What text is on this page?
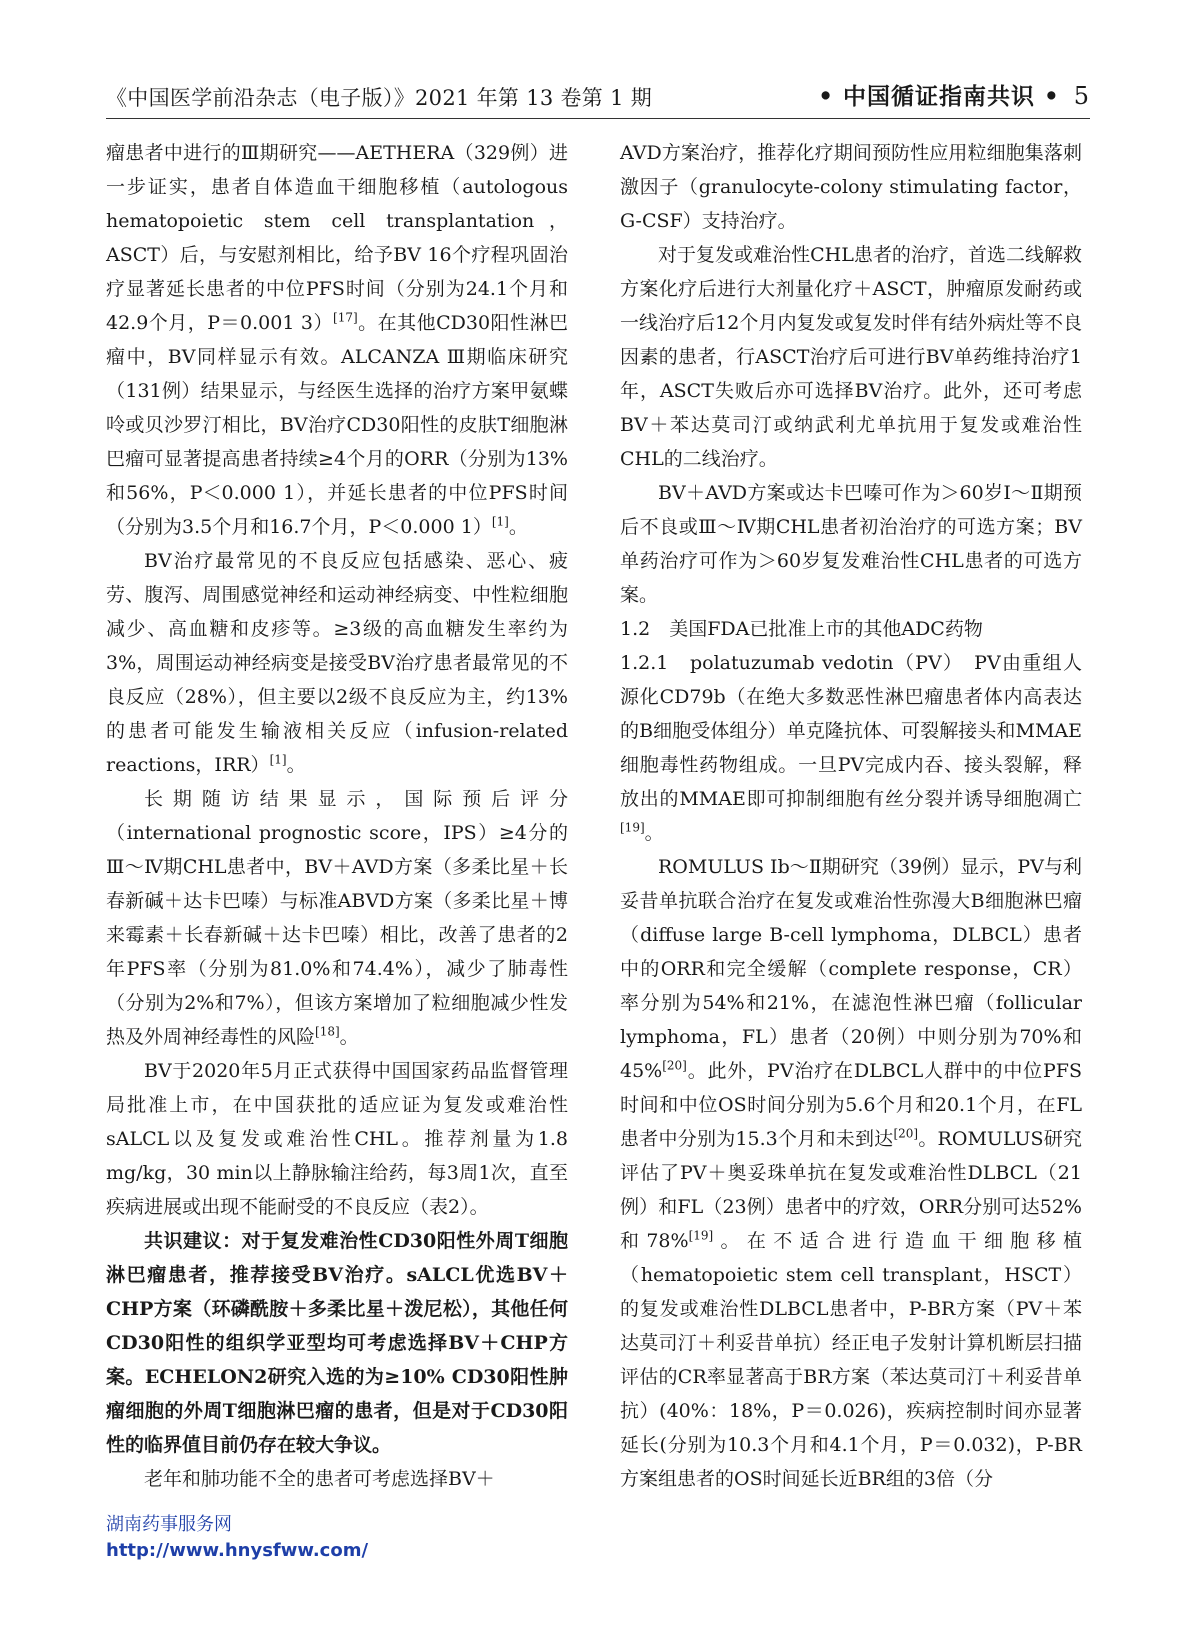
《中国医学前沿杂志（电子版）》2021 年第 13 卷第 1 期	• 中国循证指南共识 • 5

瘤患者中进行的Ⅲ期研究——AETHERA（329例）进一步证实，患者自体造血干细胞移植（autologous hematopoietic stem cell transplantation，ASCT）后，与安慰剂相比，给予BV 16个疗程巩固治疗显著延长患者的中位PFS时间（分别为24.1个月和42.9个月，P＝0.001 3）[17]。在其他CD30阳性淋巴瘤中，BV同样显示有效。ALCANZA Ⅲ期临床研究（131例）结果显示，与经医生选择的治疗方案甲氨蝶呤或贝沙罗汀相比，BV治疗CD30阳性的皮肤T细胞淋巴瘤可显著提高患者持续≥4个月的ORR（分别为13%和56%，P＜0.000 1），并延长患者的中位PFS时间（分别为3.5个月和16.7个月，P＜0.000 1）[1]。

BV治疗最常见的不良反应包括感染、恶心、疲劳、腹泻、周围感觉神经和运动神经病变、中性粒细胞减少、高血糖和皮疹等。≥3级的高血糖发生率约为3%，周围运动神经病变是接受BV治疗患者最常见的不良反应（28%），但主要以2级不良反应为主，约13%的患者可能发生输液相关反应（infusion-related reactions，IRR）[1]。

长期随访结果显示，国际预后评分（international prognostic score，IPS）≥4分的Ⅲ～Ⅳ期CHL患者中，BV＋AVD方案（多柔比星＋长春新碱＋达卡巴嗪）与标准ABVD方案（多柔比星＋博来霉素＋长春新碱＋达卡巴嗪）相比，改善了患者的2年PFS率（分别为81.0%和74.4%），减少了肺毒性（分别为2%和7%），但该方案增加了粒细胞减少性发热及外周神经毒性的风险[18]。

BV于2020年5月正式获得中国国家药品监督管理局批准上市，在中国获批的适应证为复发或难治性sALCL以及复发或难治性CHL。推荐剂量为1.8 mg/kg，30 min以上静脉输注给药，每3周1次，直至疾病进展或出现不能耐受的不良反应（表2）。

共识建议：对于复发难治性CD30阳性外周T细胞淋巴瘤患者，推荐接受BV治疗。sALCL优选BV＋CHP方案（环磷酰胺＋多柔比星＋泼尼松），其他任何CD30阳性的组织学亚型均可考虑选择BV＋CHP方案。ECHELON2研究入选的为≥10% CD30阳性肿瘤细胞的外周T细胞淋巴瘤的患者，但是对于CD30阳性的临界值目前仍存在较大争议。

老年和肺功能不全的患者可考虑选择BV＋

AVD方案治疗，推荐化疗期间预防性应用粒细胞集落刺激因子（granulocyte-colony stimulating factor，G-CSF）支持治疗。

对于复发或难治性CHL患者的治疗，首选二线解救方案化疗后进行大剂量化疗＋ASCT，肿瘤原发耐药或一线治疗后12个月内复发或复发时伴有结外病灶等不良因素的患者，行ASCT治疗后可进行BV单药维持治疗1年，ASCT失败后亦可选择BV治疗。此外，还可考虑BV＋苯达莫司汀或纳武利尤单抗用于复发或难治性CHL的二线治疗。

BV＋AVD方案或达卡巴嗪可作为＞60岁Ⅰ～Ⅱ期预后不良或Ⅲ～Ⅳ期CHL患者初治治疗的可选方案；BV单药治疗可作为＞60岁复发难治性CHL患者的可选方案。

1.2　美国FDA已批准上市的其他ADC药物

1.2.1　polatuzumab vedotin（PV）　PV由重组人源化CD79b（在绝大多数恶性淋巴瘤患者体内高表达的B细胞受体组分）单克隆抗体、可裂解接头和MMAE细胞毒性药物组成。一旦PV完成内吞、接头裂解，释放出的MMAE即可抑制细胞有丝分裂并诱导细胞凋亡[19]。

ROMULUS Ⅰb～Ⅱ期研究（39例）显示，PV与利妥昔单抗联合治疗在复发或难治性弥漫大B细胞淋巴瘤（diffuse large B-cell lymphoma，DLBCL）患者中的ORR和完全缓解（complete response，CR）率分别为54%和21%，在滤泡性淋巴瘤（follicular lymphoma，FL）患者（20例）中则分别为70%和45%[20]。此外，PV治疗在DLBCL人群中的中位PFS时间和中位OS时间分别为5.6个月和20.1个月，在FL患者中分别为15.3个月和未到达[20]。ROMULUS研究评估了PV＋奥妥珠单抗在复发或难治性DLBCL（21例）和FL（23例）患者中的疗效，ORR分别可达52%和78%[19]。在不适合进行造血干细胞移植（hematopoietic stem cell transplant，HSCT）的复发或难治性DLBCL患者中，P-BR方案（PV＋苯达莫司汀＋利妥昔单抗）经正电子发射计算机断层扫描评估的CR率显著高于BR方案（苯达莫司汀＋利妥昔单抗）(40%：18%，P＝0.026)，疾病控制时间亦显著延长(分别为10.3个月和4.1个月，P＝0.032)，P-BR方案组患者的OS时间延长近BR组的3倍（分

湖南药事服务网
http://www.hnysfww.com/
